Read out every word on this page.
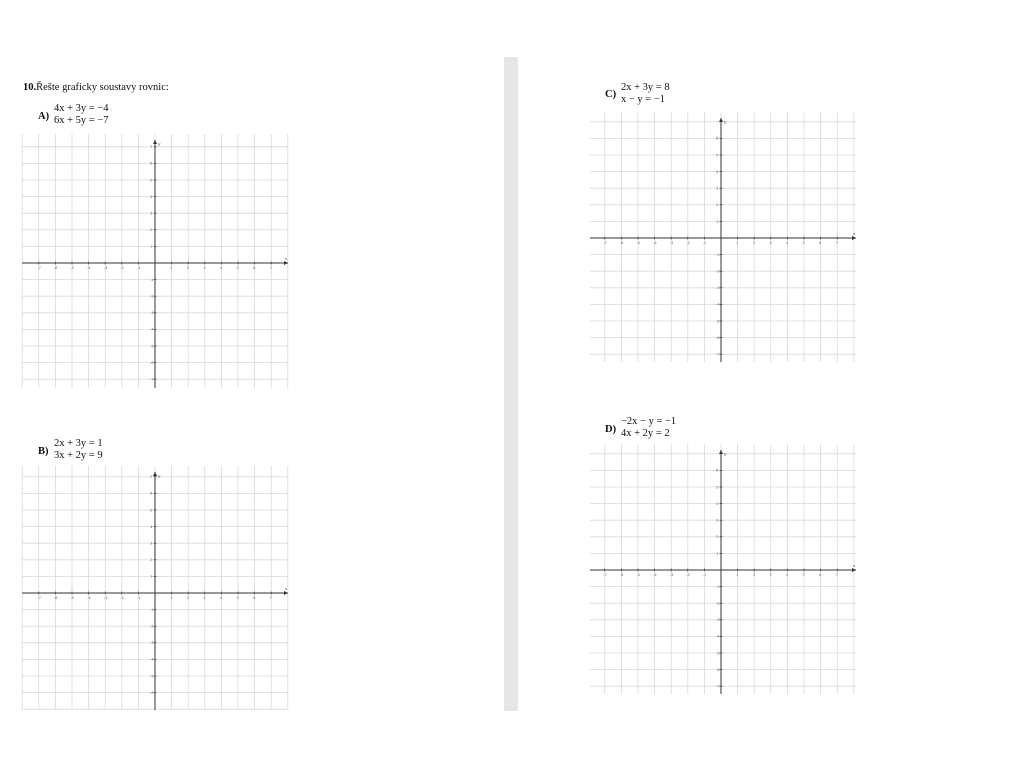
10.Řešte graficky soustavy rovnic:
A)
4x + 3y = −4
6x + 5y = −7
x
y
-7	-6	-5	-4	-3	-2	-1	1	2	3	4	5	6	7
-7
-6
-5
-4
-3
-2
-1
1
2
3
4
5
6
7
B)
2x + 3y = 1
3x + 2y = 9
x
y
-7	-6	-5	-4	-3	-2	-1	1	2	3	4	5	6	7
-6
-5
-4
-3
-2
-1
1
2
3
4
5
6
7
C)
2x + 3y = 8
x − y = −1
x
y
-7	-6	-5	-4	-3	-2	-1	1	2	3	4	5	6	7
-7
-6
-5
-4
-3
-2
-1
1
2
3
4
5
6
D)
−2x − y = −1
4x + 2y = 2
x
y
-7	-6	-5	-4	-3	-2	-1	1	2	3	4	5	6	7
-7
-6
-5
-4
-3
-2
-1
1
2
3
4
5
6
